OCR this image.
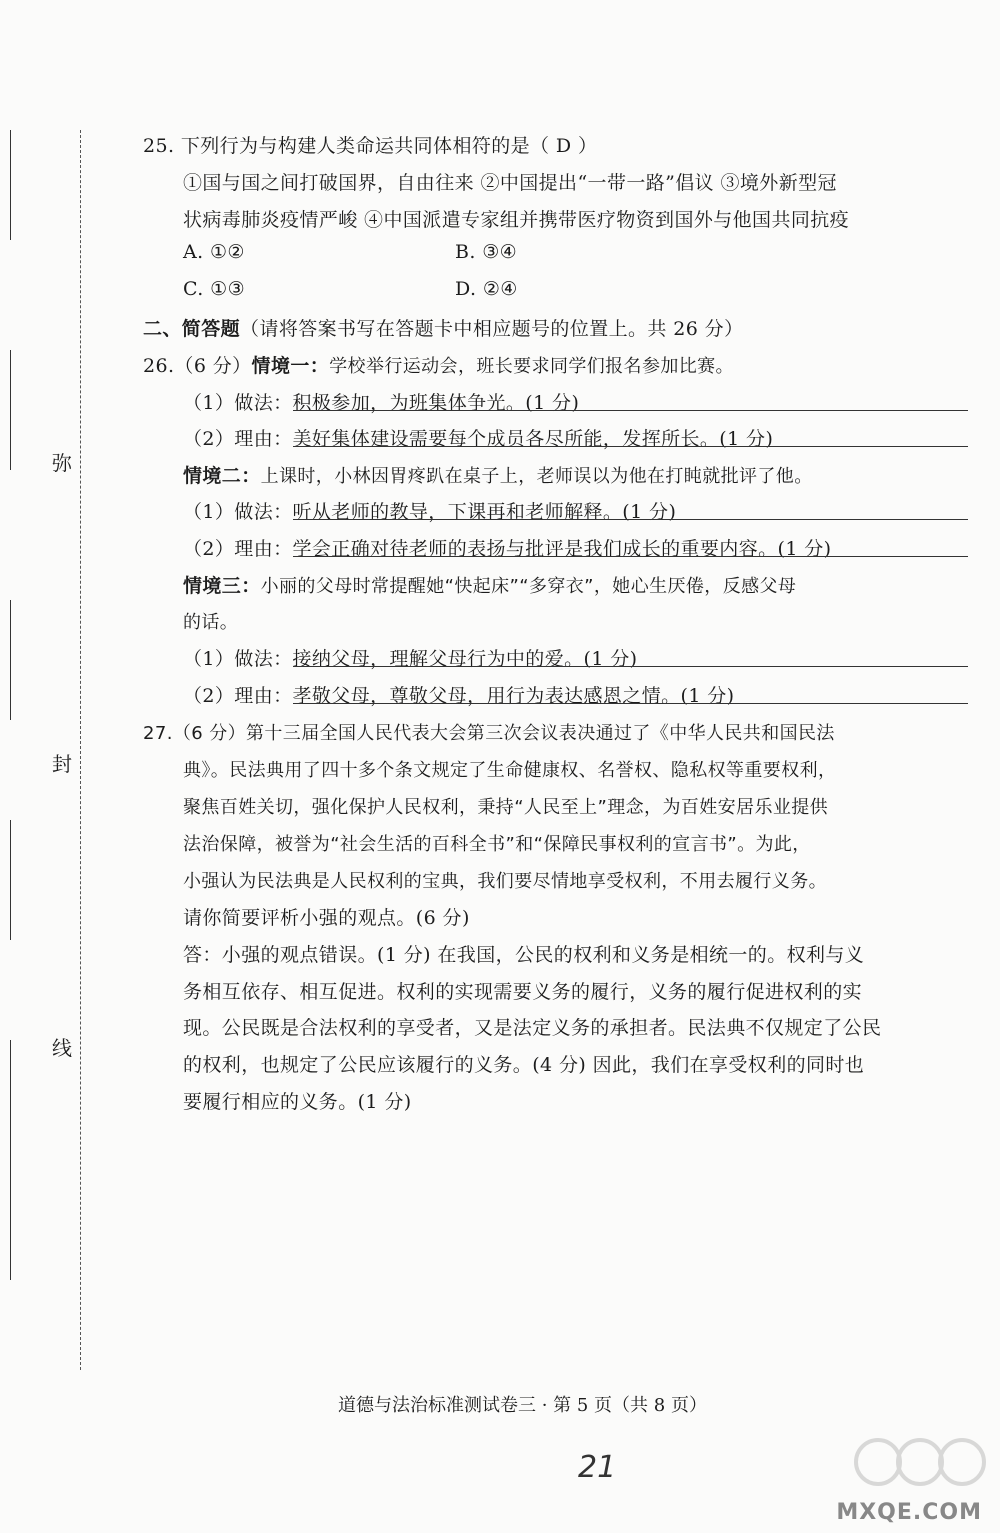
弥
封
线
25. 下列行为与构建人类命运共同体相符的是（ D ）
①国与国之间打破国界，自由往来 ②中国提出“一带一路”倡议 ③境外新型冠
状病毒肺炎疫情严峻 ④中国派遣专家组并携带医疗物资到国外与他国共同抗疫
A. ①②	B. ③④
C. ①③	D. ②④
二、简答题（请将答案书写在答题卡中相应题号的位置上。共 26 分）
26.（6 分）情境一：学校举行运动会，班长要求同学们报名参加比赛。
（1）做法：积极参加，为班集体争光。(1 分)
（2）理由：美好集体建设需要每个成员各尽所能，发挥所长。(1 分)
情境二：上课时，小林因胃疼趴在桌子上，老师误以为他在打盹就批评了他。
（1）做法：听从老师的教导，下课再和老师解释。(1 分)
（2）理由：学会正确对待老师的表扬与批评是我们成长的重要内容。(1 分)
情境三：小丽的父母时常提醒她“快起床”“多穿衣”，她心生厌倦，反感父母
的话。
（1）做法：接纳父母，理解父母行为中的爱。(1 分)
（2）理由：孝敬父母，尊敬父母，用行为表达感恩之情。(1 分)
27.（6 分）第十三届全国人民代表大会第三次会议表决通过了《中华人民共和国民法
典》。民法典用了四十多个条文规定了生命健康权、名誉权、隐私权等重要权利，
聚焦百姓关切，强化保护人民权利，秉持“人民至上”理念，为百姓安居乐业提供
法治保障，被誉为“社会生活的百科全书”和“保障民事权利的宣言书”。为此，
小强认为民法典是人民权利的宝典，我们要尽情地享受权利，不用去履行义务。
请你简要评析小强的观点。(6 分)
答：小强的观点错误。(1 分) 在我国，公民的权利和义务是相统一的。权利与义
务相互依存、相互促进。权利的实现需要义务的履行，义务的履行促进权利的实
现。公民既是合法权利的享受者，又是法定义务的承担者。民法典不仅规定了公民
的权利，也规定了公民应该履行的义务。(4 分) 因此，我们在享受权利的同时也
要履行相应的义务。(1 分)
道德与法治标准测试卷三 · 第 5 页（共 8 页）
21
MXQE.COM
